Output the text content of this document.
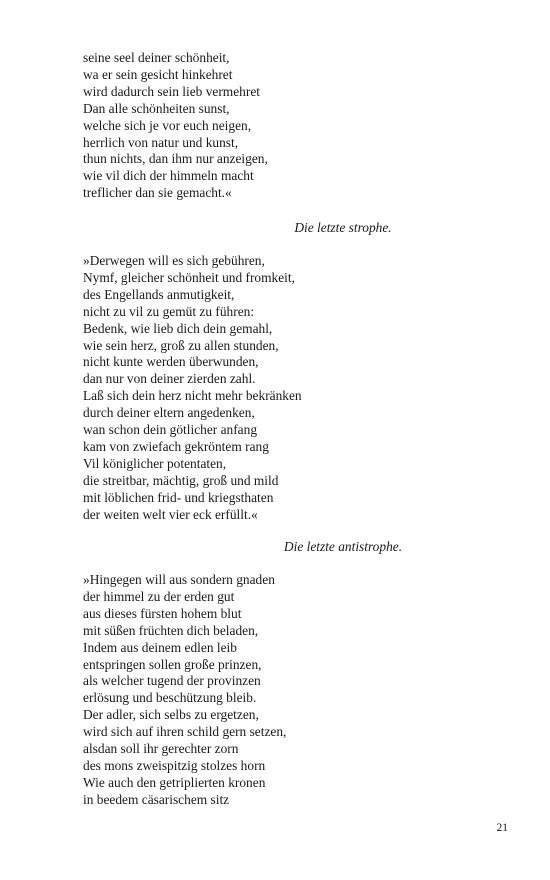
seine seel deiner schönheit,
wa er sein gesicht hinkehret
wird dadurch sein lieb vermehret
Dan alle schönheiten sunst,
welche sich je vor euch neigen,
herrlich von natur und kunst,
thun nichts, dan ihm nur anzeigen,
wie vil dich der himmeln macht
treflicher dan sie gemacht.«
Die letzte strophe.
»Derwegen will es sich gebühren,
Nymf, gleicher schönheit und fromkeit,
des Engellands anmutigkeit,
nicht zu vil zu gemüt zu führen:
Bedenk, wie lieb dich dein gemahl,
wie sein herz, groß zu allen stunden,
nicht kunte werden überwunden,
dan nur von deiner zierden zahl.
Laß sich dein herz nicht mehr bekränken
durch deiner eltern angedenken,
wan schon dein götlicher anfang
kam von zwiefach gekröntem rang
Vil königlicher potentaten,
die streitbar, mächtig, groß und mild
mit löblichen frid- und kriegsthaten
der weiten welt vier eck erfüllt.«
Die letzte antistrophe.
»Hingegen will aus sondern gnaden
der himmel zu der erden gut
aus dieses fürsten hohem blut
mit süßen früchten dich beladen,
Indem aus deinem edlen leib
entspringen sollen große prinzen,
als welcher tugend der provinzen
erlösung und beschützung bleib.
Der adler, sich selbs zu ergetzen,
wird sich auf ihren schild gern setzen,
alsdan soll ihr gerechter zorn
des mons zweispitzig stolzes horn
Wie auch den getriplierten kronen
in beedem cäsarischem sitz
21
